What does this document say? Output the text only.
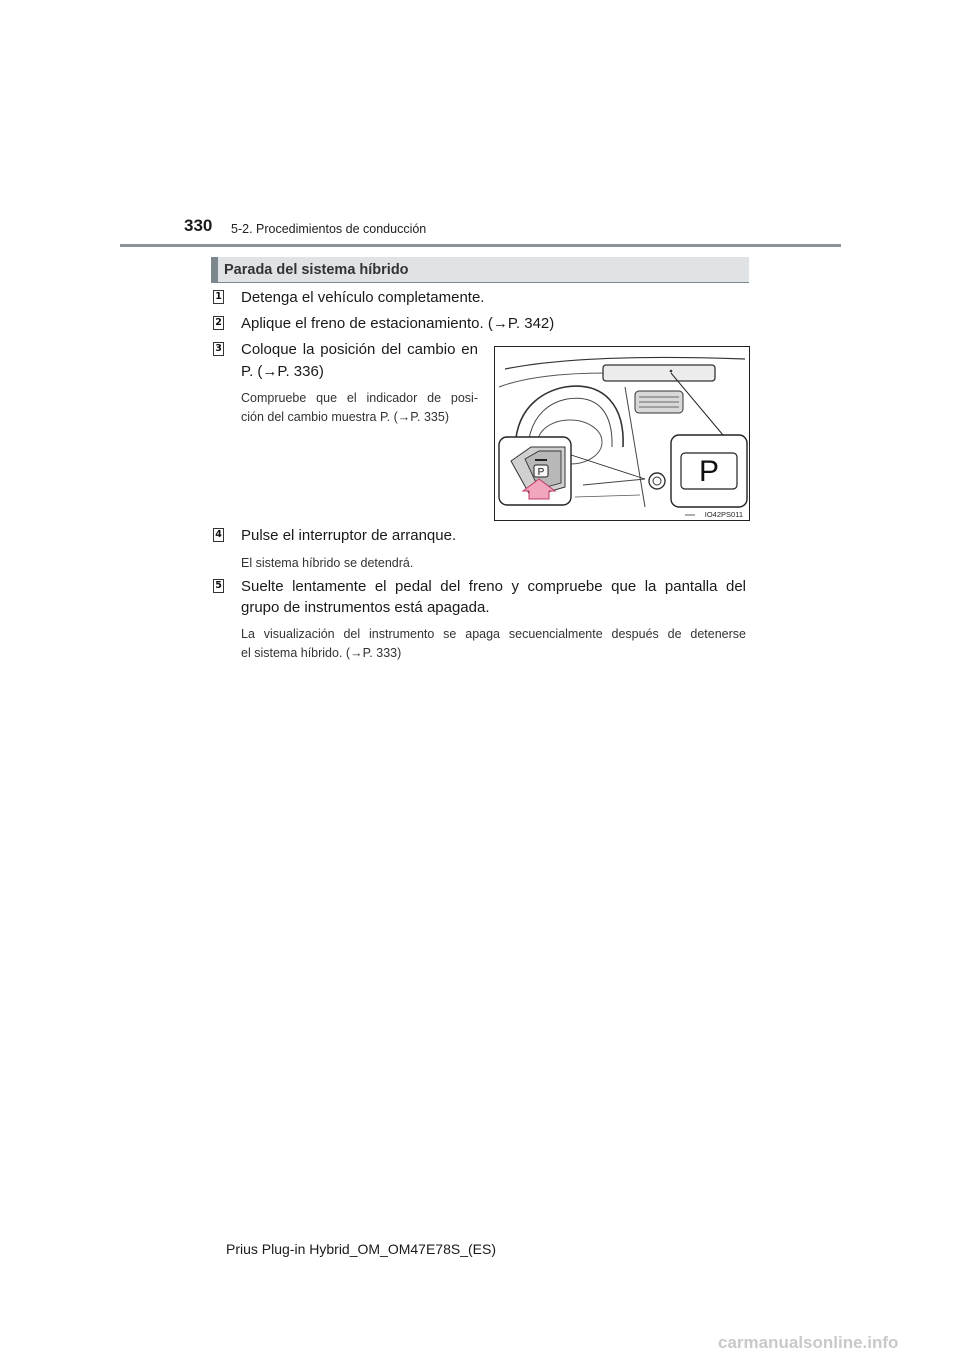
330 5-2. Procedimientos de conducción
Parada del sistema híbrido
1 Detenga el vehículo completamente.
2 Aplique el freno de estacionamiento. (→P. 342)
3 Coloque la posición del cambio en
P. (→P. 336)
Compruebe que el indicador de posi-
ción del cambio muestra P. (→P. 335)
P	P
IO42PS011
4 Pulse el interruptor de arranque.
El sistema híbrido se detendrá.
5 Suelte lentamente el pedal del freno y compruebe que la pantalla del
grupo de instrumentos está apagada.
La visualización del instrumento se apaga secuencialmente después de detenerse
el sistema híbrido. (→P. 333)
Prius Plug-in Hybrid_OM_OM47E78S_(ES)
carmanualsonline.info
